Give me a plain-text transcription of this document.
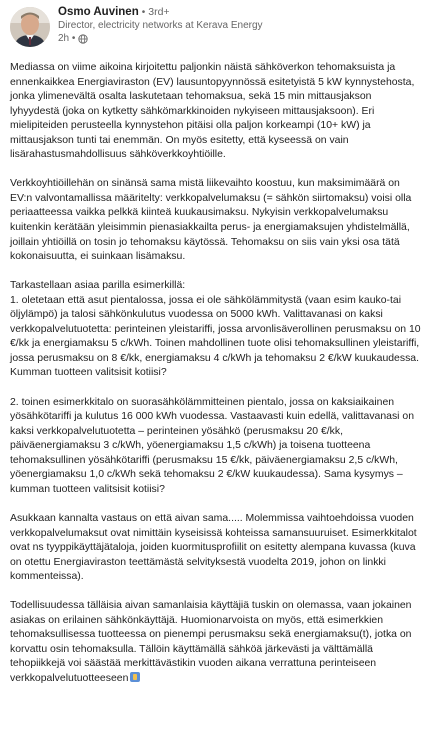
Osmo Auvinen • 3rd+
Director, electricity networks at Kerava Energy
2h •

Mediassa on viime aikoina kirjoitettu paljonkin näistä sähköverkon tehomaksuista ja ennenkaikkea Energiaviraston (EV) lausuntopyynnössä esitetyistä 5 kW kynnystehosta, jonka ylimenevältä osalta laskutetaan tehomaksua, sekä 15 min mittausjakson lyhyydestä (joka on kytketty sähkömarkkinoiden nykyiseen mittausjaksoon). Eri mielipiteiden perusteella kynnystehon pitäisi olla paljon korkeampi (10+ kW) ja mittausjakson tunti tai enemmän. On myös esitetty, että kyseessä on vain lisärahastusmahdollisuus sähköverkkoyhtiöille.

Verkkoyhtiöillehän on sinänsä sama mistä liikevaihto koostuu, kun maksimimäärä on EV:n valvontamallissa määritelty: verkkopalvelumaksu (= sähkön siirtomaksu) voisi olla periaatteessa vaikka pelkkä kiinteä kuukausimaksu. Nykyisin verkkopalvelumaksu kuitenkin kerätään yleisimmin pienasiakkailta perus- ja energiamaksujen yhdistelmällä, joillain yhtiöillä on tosin jo tehomaksu käytössä. Tehomaksu on siis vain yksi osa tätä kokonaisuutta, ei suinkaan lisämaksu.

Tarkastellaan asiaa parilla esimerkillä:
1. oletetaan että asut pientalossa, jossa ei ole sähkölämmitystä (vaan esim kauko-tai öljylämpö) ja talosi sähkönkulutus vuodessa on 5000 kWh. Valittavanasi on kaksi verkkopalvelutuotetta: perinteinen yleistariffi, jossa arvonlisäverollinen perusmaksu on 10 €/kk ja energiamaksu 5 c/kWh. Toinen mahdollinen tuote olisi tehomaksullinen yleistariffi, jossa perusmaksu on 8 €/kk, energiamaksu 4 c/kWh ja tehomaksu 2 €/kW kuukaudessa. Kumman tuotteen valitsisit kotiisi?

2. toinen esimerkkitalo on suorasähkölämmitteinen pientalo, jossa on kaksiaikainen yösähkötariffi ja kulutus 16 000 kWh vuodessa. Vastaavasti kuin edellä, valittavanasi on kaksi verkkopalvelutuotetta – perinteinen yösähkö (perusmaksu 20 €/kk, päiväenergiamaksu 3 c/kWh, yöenergiamaksu 1,5 c/kWh) ja toisena tuotteena tehomaksullinen yösähkötariffi (perusmaksu 15 €/kk, päiväenergiamaksu 2,5 c/kWh, yöenergiamaksu 1,0 c/kWh sekä tehomaksu 2 €/kW kuukaudessa). Sama kysymys – kumman tuotteen valitsisit kotiisi?

Asukkaan kannalta vastaus on että aivan sama..... Molemmissa vaihtoehdoissa vuoden verkkopalvelumaksut ovat nimittäin kyseisissä kohteissa samansuuruiset. Esimerkkitalot ovat ns tyyppikäyttäjätaloja, joiden kuormitusprofiilit on esitetty alempana kuvassa (kuva on otettu Energiaviraston teettämästä selvityksestä vuodelta 2019, johon on linkki kommenteissa).

Todellisuudessa tälläisia aivan samanlaisia käyttäjiä tuskin on olemassa, vaan jokainen asiakas on erilainen sähkönkäyttäjä. Huomionarvoista on myös, että esimerkkien tehomaksullisessa tuotteessa on pienempi perusmaksu sekä energiamaksu(t), jotka on korvattu osin tehomaksulla. Tällöin käyttämällä sähköä järkevästi ja välttämällä tehopiikkejä voi säästää merkittävästikin vuoden aikana verrattuna perinteiseen verkkopalvelutuotteeseen
